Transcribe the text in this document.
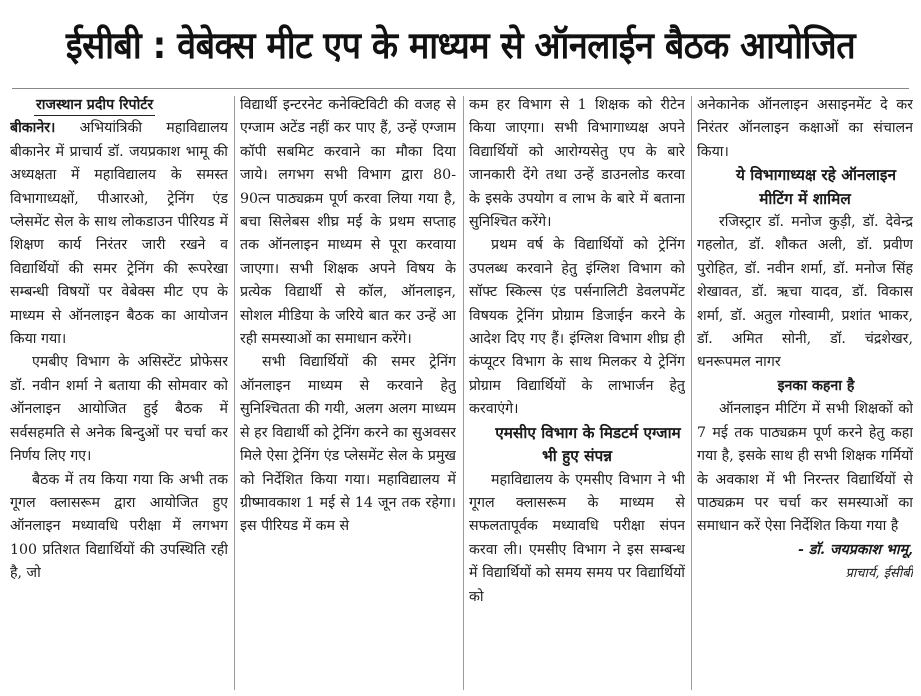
ईसीबी : वेबेक्स मीट एप के माध्यम से ऑनलाईन बैठक आयोजित
राजस्थान प्रदीप रिपोर्टर

बीकानेर। अभियांत्रिकी महाविद्यालय बीकानेर में प्राचार्य डॉ. जयप्रकाश भामू की अध्यक्षता में महाविद्यालय के समस्त विभागाध्यक्षों, पीआरओ, ट्रेनिंग एंड प्लेसमेंट सेल के साथ लोकडाउन पीरियड में शिक्षण कार्य निरंतर जारी रखने व विद्यार्थियों की समर ट्रेनिंग की रूपरेखा सम्बन्धी विषयों पर वेबेक्स मीट एप के माध्यम से ऑनलाइन बैठक का आयोजन किया गया।

एमबीए विभाग के असिस्टेंट प्रोफेसर डॉ. नवीन शर्मा ने बताया की सोमवार को ऑनलाइन आयोजित हुई बैठक में सर्वसहमति से अनेक बिन्दुओं पर चर्चा कर निर्णय लिए गए।

बैठक में तय किया गया कि अभी तक गूगल क्लासरूम द्वारा आयोजित हुए ऑनलाइन मध्यावधि परीक्षा में लगभग 100 प्रतिशत विद्यार्थियों की उपस्थिति रही है, जो

विद्यार्थी इन्टरनेट कनेक्टिविटी की वजह से एग्जाम अटेंड नहीं कर पाए हैं, उन्हें एग्जाम कॉपी सबमिट करवाने का मौका दिया जाये। लगभग सभी विभाग द्वारा 80-90त्न पाठ्यक्रम पूर्ण करवा लिया गया है, बचा सिलेबस शीघ्र मई के प्रथम सप्ताह तक ऑनलाइन माध्यम से पूरा करवाया जाएगा। सभी शिक्षक अपने विषय के प्रत्येक विद्यार्थी से कॉल, ऑनलाइन, सोशल मीडिया के जरिये बात कर उन्हें आ रही समस्याओं का समाधान करेंगे।

सभी विद्यार्थियों की समर ट्रेनिंग ऑनलाइन माध्यम से करवाने हेतु सुनिश्चितता की गयी, अलग अलग माध्यम से हर विद्यार्थी को ट्रेनिंग करने का सुअवसर मिले ऐसा ट्रेनिंग एंड प्लेसमेंट सेल के प्रमुख को निर्देशित किया गया। महाविद्यालय में ग्रीष्मावकाश 1 मई से 14 जून तक रहेगा। इस पीरियड में कम से

कम हर विभाग से 1 शिक्षक को रीटेन किया जाएगा। सभी विभागाध्यक्ष अपने विद्यार्थियों को आरोग्यसेतु एप के बारे जानकारी देंगे तथा उन्हें डाउनलोड करवा के इसके उपयोग व लाभ के बारे में बताना सुनिश्चित करेंगे।

प्रथम वर्ष के विद्यार्थियों को ट्रेनिंग उपलब्ध करवाने हेतु इंग्लिश विभाग को सॉफ्ट स्किल्स एंड पर्सनालिटी डेवलपमेंट विषयक ट्रेनिंग प्रोग्राम डिजाईन करने के आदेश दिए गए हैं। इंग्लिश विभाग शीघ्र ही कंप्यूटर विभाग के साथ मिलकर ये ट्रेनिंग प्रोग्राम विद्यार्थियों के लाभार्जन हेतु करवाएंगे।

एमसीए विभाग के मिडटर्म एग्जाम भी हुए संपन्न

महाविद्यालय के एमसीए विभाग ने भी गूगल क्लासरूम के माध्यम से सफलतापूर्वक मध्यावधि परीक्षा संपन करवा ली। एमसीए विभाग ने इस सम्बन्ध में विद्यार्थियों को समय समय पर विद्यार्थियों को

अनेकानेक ऑनलाइन असाइनमेंट दे कर निरंतर ऑनलाइन कक्षाओं का संचालन किया।

ये विभागाध्यक्ष रहे ऑनलाइन मीटिंग में शामिल

रजिस्ट्रार डॉ. मनोज कुड़ी, डॉ. देवेन्द्र गहलोत, डॉ. शौकत अली, डॉ. प्रवीण पुरोहित, डॉ. नवीन शर्मा, डॉ. मनोज सिंह शेखावत, डॉ. ऋचा यादव, डॉ. विकास शर्मा, डॉ. अतुल गोस्वामी, प्रशांत भाकर, डॉ. अमित सोनी, डॉ. चंद्रशेखर, धनरूपमल नागर

इनका कहना है

ऑनलाइन मीटिंग में सभी शिक्षकों को 7 मई तक पाठ्यक्रम पूर्ण करने हेतु कहा गया है, इसके साथ ही सभी शिक्षक गर्मियों के अवकाश में भी निरन्तर विद्यार्थियों से पाठ्यक्रम पर चर्चा कर समस्याओं का समाधान करें ऐसा निर्देशित किया गया है

- डॉ. जयप्रकाश भामू,

प्राचार्य, ईसीबी
